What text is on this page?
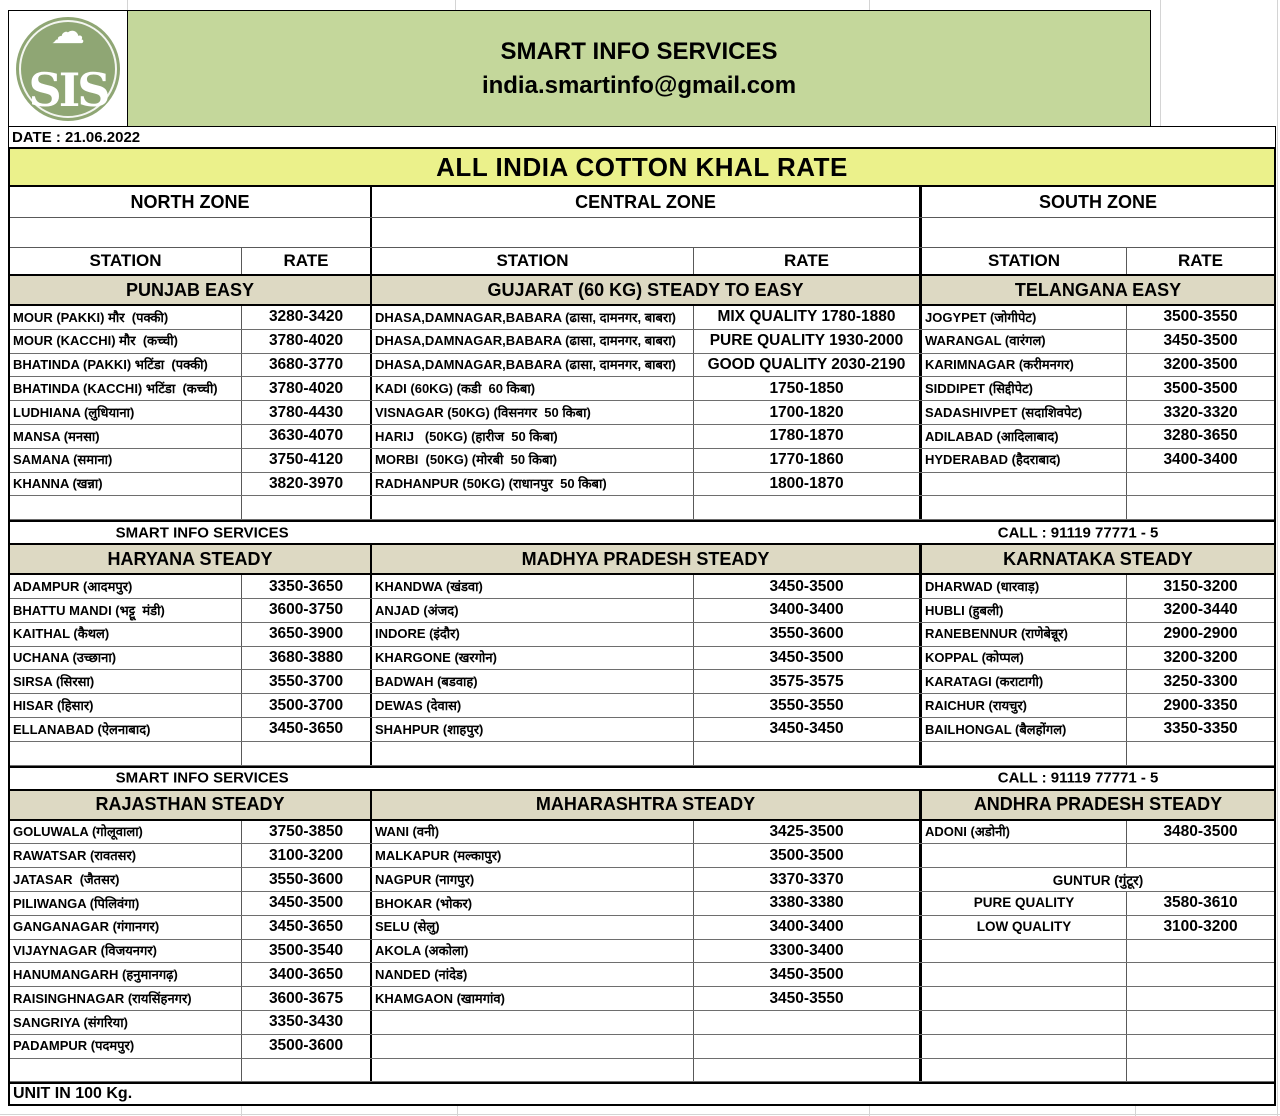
☁
SIS
SMART INFO SERVICES
india.smartinfo@gmail.com
DATE : 21.06.2022
ALL INDIA COTTON KHAL RATE
NORTH ZONE	CENTRAL ZONE	SOUTH ZONE
STATION	RATE	STATION	RATE	STATION	RATE
PUNJAB EASY	GUJARAT (60 KG) STEADY TO EASY	TELANGANA EASY
MOUR (PAKKI) मौर  (पक्की)	3280-3420	DHASA,DAMNAGAR,BABARA (ढासा, दामनगर, बाबरा)	MIX QUALITY 1780-1880	JOGYPET (जोगीपेट)	3500-3550
MOUR (KACCHI) मौर  (कच्ची)	3780-4020	DHASA,DAMNAGAR,BABARA (ढासा, दामनगर, बाबरा)	PURE QUALITY 1930-2000	WARANGAL (वारंगल)	3450-3500
BHATINDA (PAKKI) भटिंडा  (पक्की)	3680-3770	DHASA,DAMNAGAR,BABARA (ढासा, दामनगर, बाबरा)	GOOD QUALITY 2030-2190	KARIMNAGAR (करीमनगर)	3200-3500
BHATINDA (KACCHI) भटिंडा  (कच्ची)	3780-4020	KADI (60KG) (कडी  60 किबा)	1750-1850	SIDDIPET (सिद्दीपेट)	3500-3500
LUDHIANA (लुधियाना)	3780-4430	VISNAGAR (50KG) (विसनगर  50 किबा)	1700-1820	SADASHIVPET (सदाशिवपेट)	3320-3320
MANSA (मनसा)	3630-4070	HARIJ   (50KG) (हारीज  50 किबा)	1780-1870	ADILABAD (आदिलाबाद)	3280-3650
SAMANA (समाना)	3750-4120	MORBI  (50KG) (मोरबी  50 किबा)	1770-1860	HYDERABAD (हैदराबाद)	3400-3400
KHANNA (खन्ना)	3820-3970	RADHANPUR (50KG) (राधानपुर  50 किबा)	1800-1870
SMART INFO SERVICES	CALL : 91119 77771 - 5
HARYANA STEADY	MADHYA PRADESH STEADY	KARNATAKA STEADY
ADAMPUR (आदमपुर)	3350-3650	KHANDWA (खंडवा)	3450-3500	DHARWAD (धारवाड़)	3150-3200
BHATTU MANDI (भट्टू  मंडी)	3600-3750	ANJAD (अंजद)	3400-3400	HUBLI (हुबली)	3200-3440
KAITHAL (कैथल)	3650-3900	INDORE (इंदौर)	3550-3600	RANEBENNUR (राणेबेन्नूर)	2900-2900
UCHANA (उच्छाना)	3680-3880	KHARGONE (खरगोन)	3450-3500	KOPPAL (कोप्पल)	3200-3200
SIRSA (सिरसा)	3550-3700	BADWAH (बडवाह)	3575-3575	KARATAGI (कराटागी)	3250-3300
HISAR (हिसार)	3500-3700	DEWAS (देवास)	3550-3550	RAICHUR (रायचुर)	2900-3350
ELLANABAD (ऐलनाबाद)	3450-3650	SHAHPUR (शाहपुर)	3450-3450	BAILHONGAL (बैलहोंगल)	3350-3350
SMART INFO SERVICES	CALL : 91119 77771 - 5
RAJASTHAN STEADY	MAHARASHTRA STEADY	ANDHRA PRADESH STEADY
GOLUWALA (गोलूवाला)	3750-3850	WANI (वनी)	3425-3500	ADONI (अडोनी)	3480-3500
RAWATSAR (रावतसर)	3100-3200	MALKAPUR (मल्कापुर)	3500-3500
JATASAR  (जैतसर)	3550-3600	NAGPUR (नागपुर)	3370-3370	GUNTUR (गुंटूर)
PILIWANGA (पिलिवंगा)	3450-3500	BHOKAR (भोकर)	3380-3380	PURE QUALITY	3580-3610
GANGANAGAR (गंगानगर)	3450-3650	SELU (सेलु)	3400-3400	LOW QUALITY	3100-3200
VIJAYNAGAR (विजयनगर)	3500-3540	AKOLA (अकोला)	3300-3400
HANUMANGARH (हनुमानगढ़)	3400-3650	NANDED (नांदेड)	3450-3500
RAISINGHNAGAR (रायसिंहनगर)	3600-3675	KHAMGAON (खामगांव)	3450-3550
SANGRIYA (संगरिया)	3350-3430
PADAMPUR (पदमपुर)	3500-3600
UNIT IN 100 Kg.
